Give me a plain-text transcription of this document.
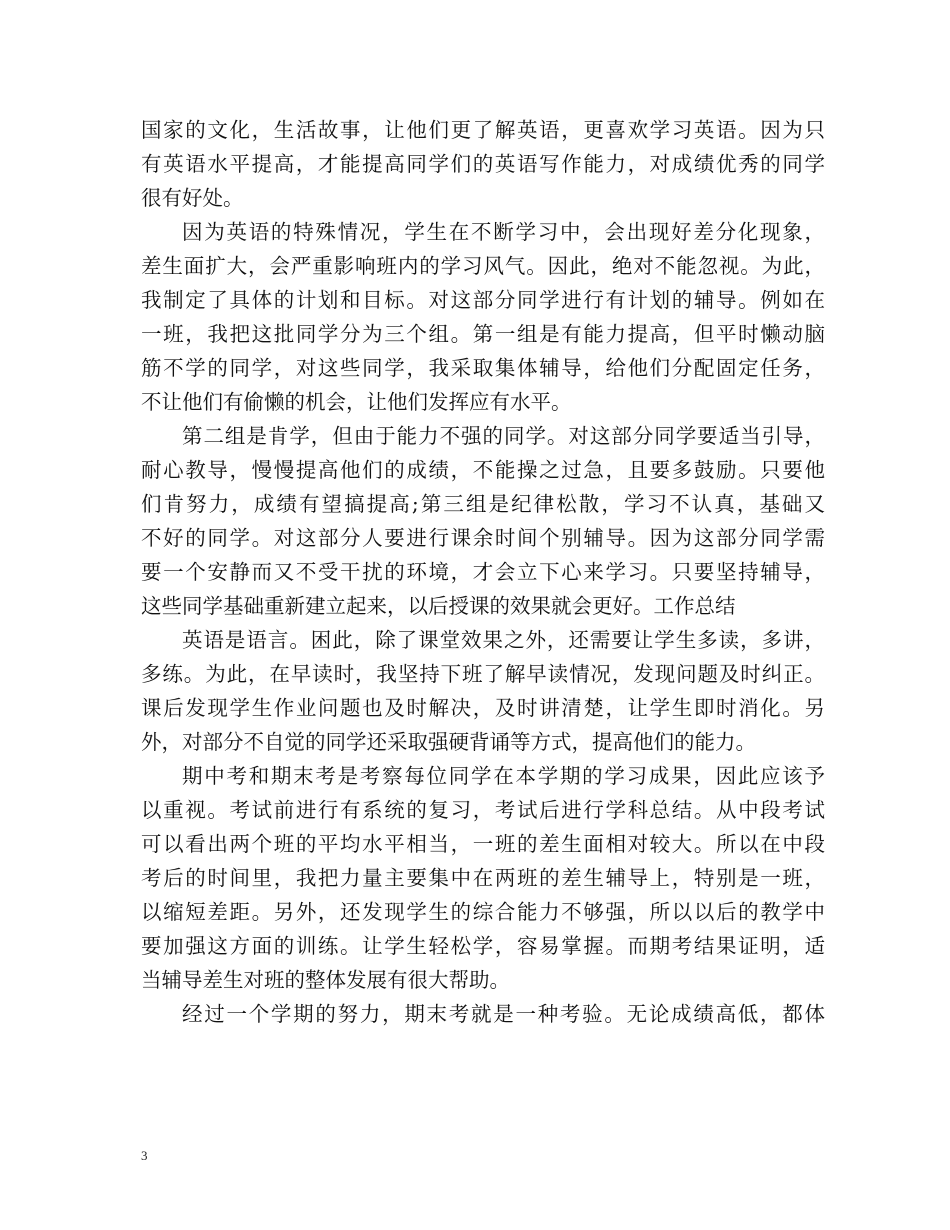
国家的文化，生活故事，让他们更了解英语，更喜欢学习英语。因为只
有英语水平提高，才能提高同学们的英语写作能力，对成绩优秀的同学
很有好处。
因为英语的特殊情况，学生在不断学习中，会出现好差分化现象，
差生面扩大，会严重影响班内的学习风气。因此，绝对不能忽视。为此，
我制定了具体的计划和目标。对这部分同学进行有计划的辅导。例如在
一班，我把这批同学分为三个组。第一组是有能力提高，但平时懒动脑
筋不学的同学，对这些同学，我采取集体辅导，给他们分配固定任务，
不让他们有偷懒的机会，让他们发挥应有水平。
第二组是肯学，但由于能力不强的同学。对这部分同学要适当引导，
耐心教导，慢慢提高他们的成绩，不能操之过急，且要多鼓励。只要他
们肯努力，成绩有望搞提高;第三组是纪律松散，学习不认真，基础又
不好的同学。对这部分人要进行课余时间个别辅导。因为这部分同学需
要一个安静而又不受干扰的环境，才会立下心来学习。只要坚持辅导，
这些同学基础重新建立起来，以后授课的效果就会更好。工作总结
英语是语言。困此，除了课堂效果之外，还需要让学生多读，多讲，
多练。为此，在早读时，我坚持下班了解早读情况，发现问题及时纠正。
课后发现学生作业问题也及时解决，及时讲清楚，让学生即时消化。另
外，对部分不自觉的同学还采取强硬背诵等方式，提高他们的能力。
期中考和期末考是考察每位同学在本学期的学习成果，因此应该予
以重视。考试前进行有系统的复习，考试后进行学科总结。从中段考试
可以看出两个班的平均水平相当，一班的差生面相对较大。所以在中段
考后的时间里，我把力量主要集中在两班的差生辅导上，特别是一班，
以缩短差距。另外，还发现学生的综合能力不够强，所以以后的教学中
要加强这方面的训练。让学生轻松学，容易掌握。而期考结果证明，适
当辅导差生对班的整体发展有很大帮助。
经过一个学期的努力，期末考就是一种考验。无论成绩高低，都体
3
